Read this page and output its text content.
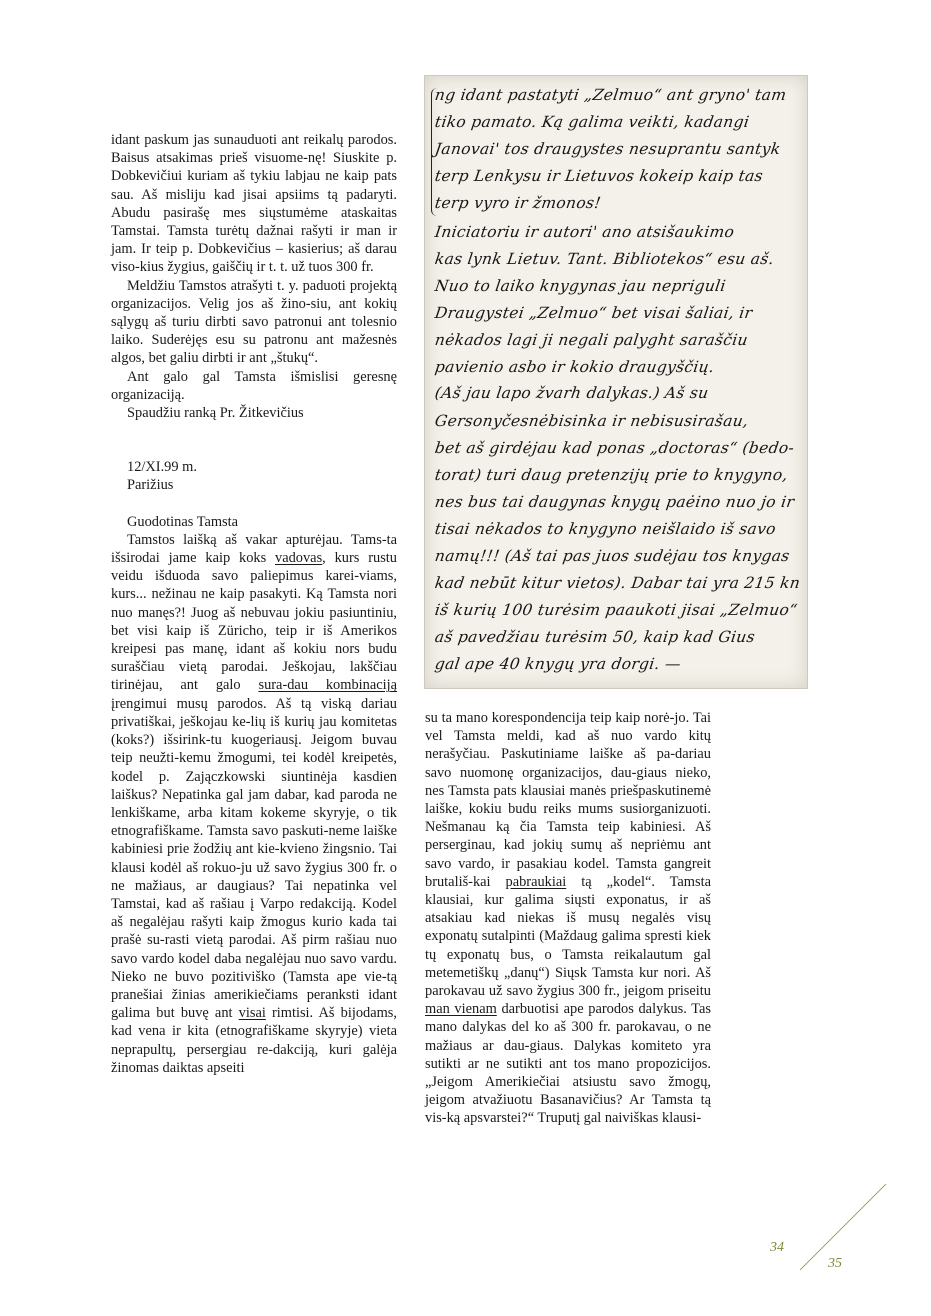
idant paskum jas sunauduoti ant reikalų parodos. Baisus atsakimas prieš visuome-nę! Siuskite p. Dobkevičiui kuriam aš tykiu labjau ne kaip pats sau. Aš misliju kad jisai apsiims tą padaryti. Abudu pasirašę mes siųstumėme ataskaitas Tamstai. Tamsta turėtų dažnai rašyti ir man ir jam. Ir teip p. Dobkevičius – kasierius; aš darau viso-kius žygius, gaiščių ir t. t. už tuos 300 fr.

Meldžiu Tamstos atrašyti t. y. paduoti projektą organizacijos. Velig jos aš žino-siu, ant kokių sąlygų aš turiu dirbti savo patronui ant tolesnio laiko. Suderėjęs esu su patronu ant mažesnės algos, bet galiu dirbti ir ant „štukų“.

Ant galo gal Tamsta išmislisi geresnę organizaciją.

Spaudžiu ranką Pr. Žitkevičius

12/XI.99 m.

Parižius

Guodotinas Tamsta

Tamstos laišką aš vakar apturėjau. Tams-ta išsirodai jame kaip koks vadovas, kurs rustu veidu išduoda savo paliepimus karei-viams, kurs... nežinau ne kaip pasakyti. Ką Tamsta nori nuo manęs?! Juog aš nebuvau jokiu pasiuntiniu, bet visi kaip iš Züricho, teip ir iš Amerikos kreipesi pas manę, idant aš kokiu nors budu suraščiau vietą parodai. Ješkojau, lakščiau tirinėjau, ant galo sura-dau kombinaciją įrengimui musų parodos. Aš tą viską dariau privatiškai, ješkojau ke-lių iš kurių jau komitetas (koks?) išsirink-tu kuogeriausį. Jeigom buvau teip neužti-kemu žmogumi, tei kodėl kreipetės, kodel p. Zajączkowski siuntinėja kasdien laiškus? Nepatinka gal jam dabar, kad paroda ne lenkiškame, arba kitam kokeme skyryje, o tik etnografiškame. Tamsta savo paskuti-neme laiške kabiniesi prie žodžių ant kie-kvieno žingsnio. Tai klausi kodėl aš rokuo-ju už savo žygius 300 fr. o ne mažiaus, ar daugiaus? Tai nepatinka vel Tamstai, kad aš rašiau į Varpo redakciją. Kodel aš negalėjau rašyti kaip žmogus kurio kada tai prašė su-rasti vietą parodai. Aš pirm rašiau nuo savo vardo kodel daba negalėjau nuo savo vardu. Nieko ne buvo pozitiviško (Tamsta ape vie-tą pranešiai žinias amerikiečiams peranksti idant galima but buvę ant visai rimtisi. Aš bijodams, kad vena ir kita (etnografiškame skyryje) vieta neprapultų, persergiau re-dakciją, kuri galėja žinomas daiktas apseiti

ng idant pastatyti „Zelmuo“ ant gryno' tam
tiko pamato. Ką galima veikti, kadangi
Janovai' tos draugystes nesuprantu santyk
terp Lenkysu ir Lietuvos kokeip kaip tas
terp vyro ir žmonos!
Iniciatoriu ir autori' ano atsišaukimo
kas lynk Lietuv. Tant. Bibliotekos“ esu aš.
Nuo to laiko knygynas jau nepriguli
Draugystei „Zelmuo“ bet visai šaliai, ir
nėkados lagi ji negali palyght saraščiu
pavienio asbo ir kokio draugyščių.
(Aš jau lapo žvarh dalykas.) Aš su
Gersonyčesnėbisinka ir nebisusirašau,
bet aš girdėjau kad ponas „doctoras“ (bedo-
torat) turi daug pretenzijų prie to knygyno,
nes bus tai daugynas knygų paėino nuo jo ir
tisai nėkados to knygyno neišlaido iš savo
namų!!! (Aš tai pas juos sudėjau tos knygas
kad nebūt kitur vietos). Dabar tai yra 215 kn
iš kurių 100 turėsim paaukoti jisai „Zelmuo“
aš pavedžiau turėsim 50, kaip kad Gius
gal ape 40 knygų yra dorgi. —

su ta mano korespondencija teip kaip norė-jo. Tai vel Tamsta meldi, kad aš nuo vardo kitų nerašyčiau. Paskutiniame laiške aš pa-dariau savo nuomonę organizacijos, dau-giaus nieko, nes Tamsta pats klausiai manės priešpaskutinemė laiške, kokiu budu reiks mums susiorganizuoti. Nešmanau ką čia Tamsta teip kabiniesi. Aš perserginau, kad jokių sumų aš nepriėmu ant savo vardo, ir pasakiau kodel. Tamsta gangreit brutališ-kai pabraukiai tą „kodel“. Tamsta klausiai, kur galima siųsti exponatus, ir aš atsakiau kad niekas iš musų negalės visų exponatų sutalpinti (Maždaug galima spresti kiek tų exponatų bus, o Tamsta reikalautum gal metemetiškų „danų“) Siųsk Tamsta kur nori. Aš parokavau už savo žygius 300 fr., jeigom priseitu man vienam darbuotisi ape parodos dalykus. Tas mano dalykas del ko aš 300 fr. parokavau, o ne mažiaus ar dau-giaus. Dalykas komiteto yra sutikti ar ne sutikti ant tos mano propozicijos. „Jeigom Amerikiečiai atsiustu savo žmogų, jeigom atvažiuotu Basanavičius? Ar Tamsta tą vis-ką apsvarstei?“ Truputį gal naiviškas klausi-

34
35
